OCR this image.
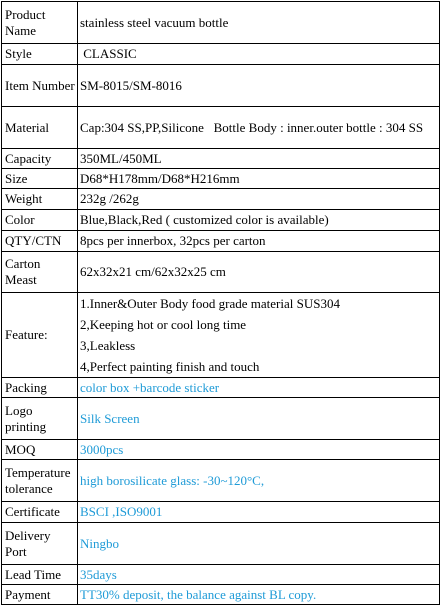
Product Name	stainless steel vacuum bottle
Style	CLASSIC
Item Number	SM-8015/SM-8016
Material	Cap:304 SS,PP,Silicone   Bottle Body : inner.outer bottle : 304 SS
Capacity	350ML/450ML
Size	D68*H178mm/D68*H216mm
Weight	232g /262g
Color	Blue,Black,Red ( customized color is available)
QTY/CTN	8pcs per innerbox, 32pcs per carton
Carton Meast	62x32x21 cm/62x32x25 cm
Feature:	1.Inner&Outer Body food grade material SUS304
2,Keeping hot or cool long time
3,Leakless
4,Perfect painting finish and touch

Packing	color box +barcode sticker
Logo printing	Silk Screen
MOQ	3000pcs
Temperature tolerance	high borosilicate glass: -30~120°C,
Certificate	BSCI ,ISO9001
Delivery Port	Ningbo
Lead Time	35days
Payment	TT30% deposit, the balance against BL copy.
